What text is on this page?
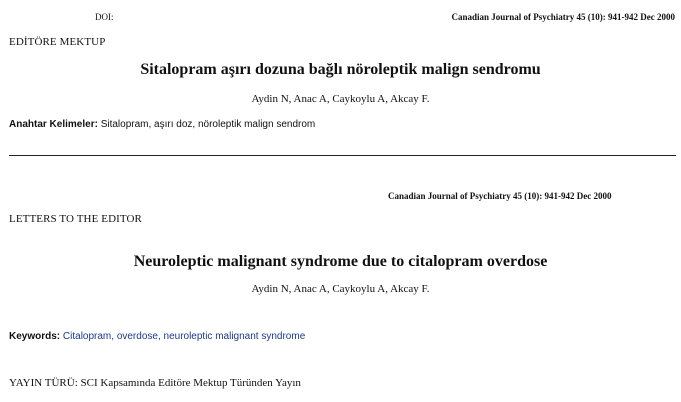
DOI:	Canadian Journal of Psychiatry 45 (10): 941-942 Dec 2000
EDİTÖRE MEKTUP
Sitalopram aşırı dozuna bağlı nöroleptik malign sendromu
Aydin N, Anac A, Caykoylu A, Akcay F.
Anahtar Kelimeler: Sitalopram, aşırı doz, nöroleptik malign sendrom
Canadian Journal of Psychiatry 45 (10): 941-942 Dec 2000
LETTERS TO THE EDITOR
Neuroleptic malignant syndrome due to citalopram overdose
Aydin N, Anac A, Caykoylu A, Akcay F.
Keywords: Citalopram, overdose, neuroleptic malignant syndrome
YAYIN TÜRÜ: SCI Kapsamında Editöre Mektup Türünden Yayın
